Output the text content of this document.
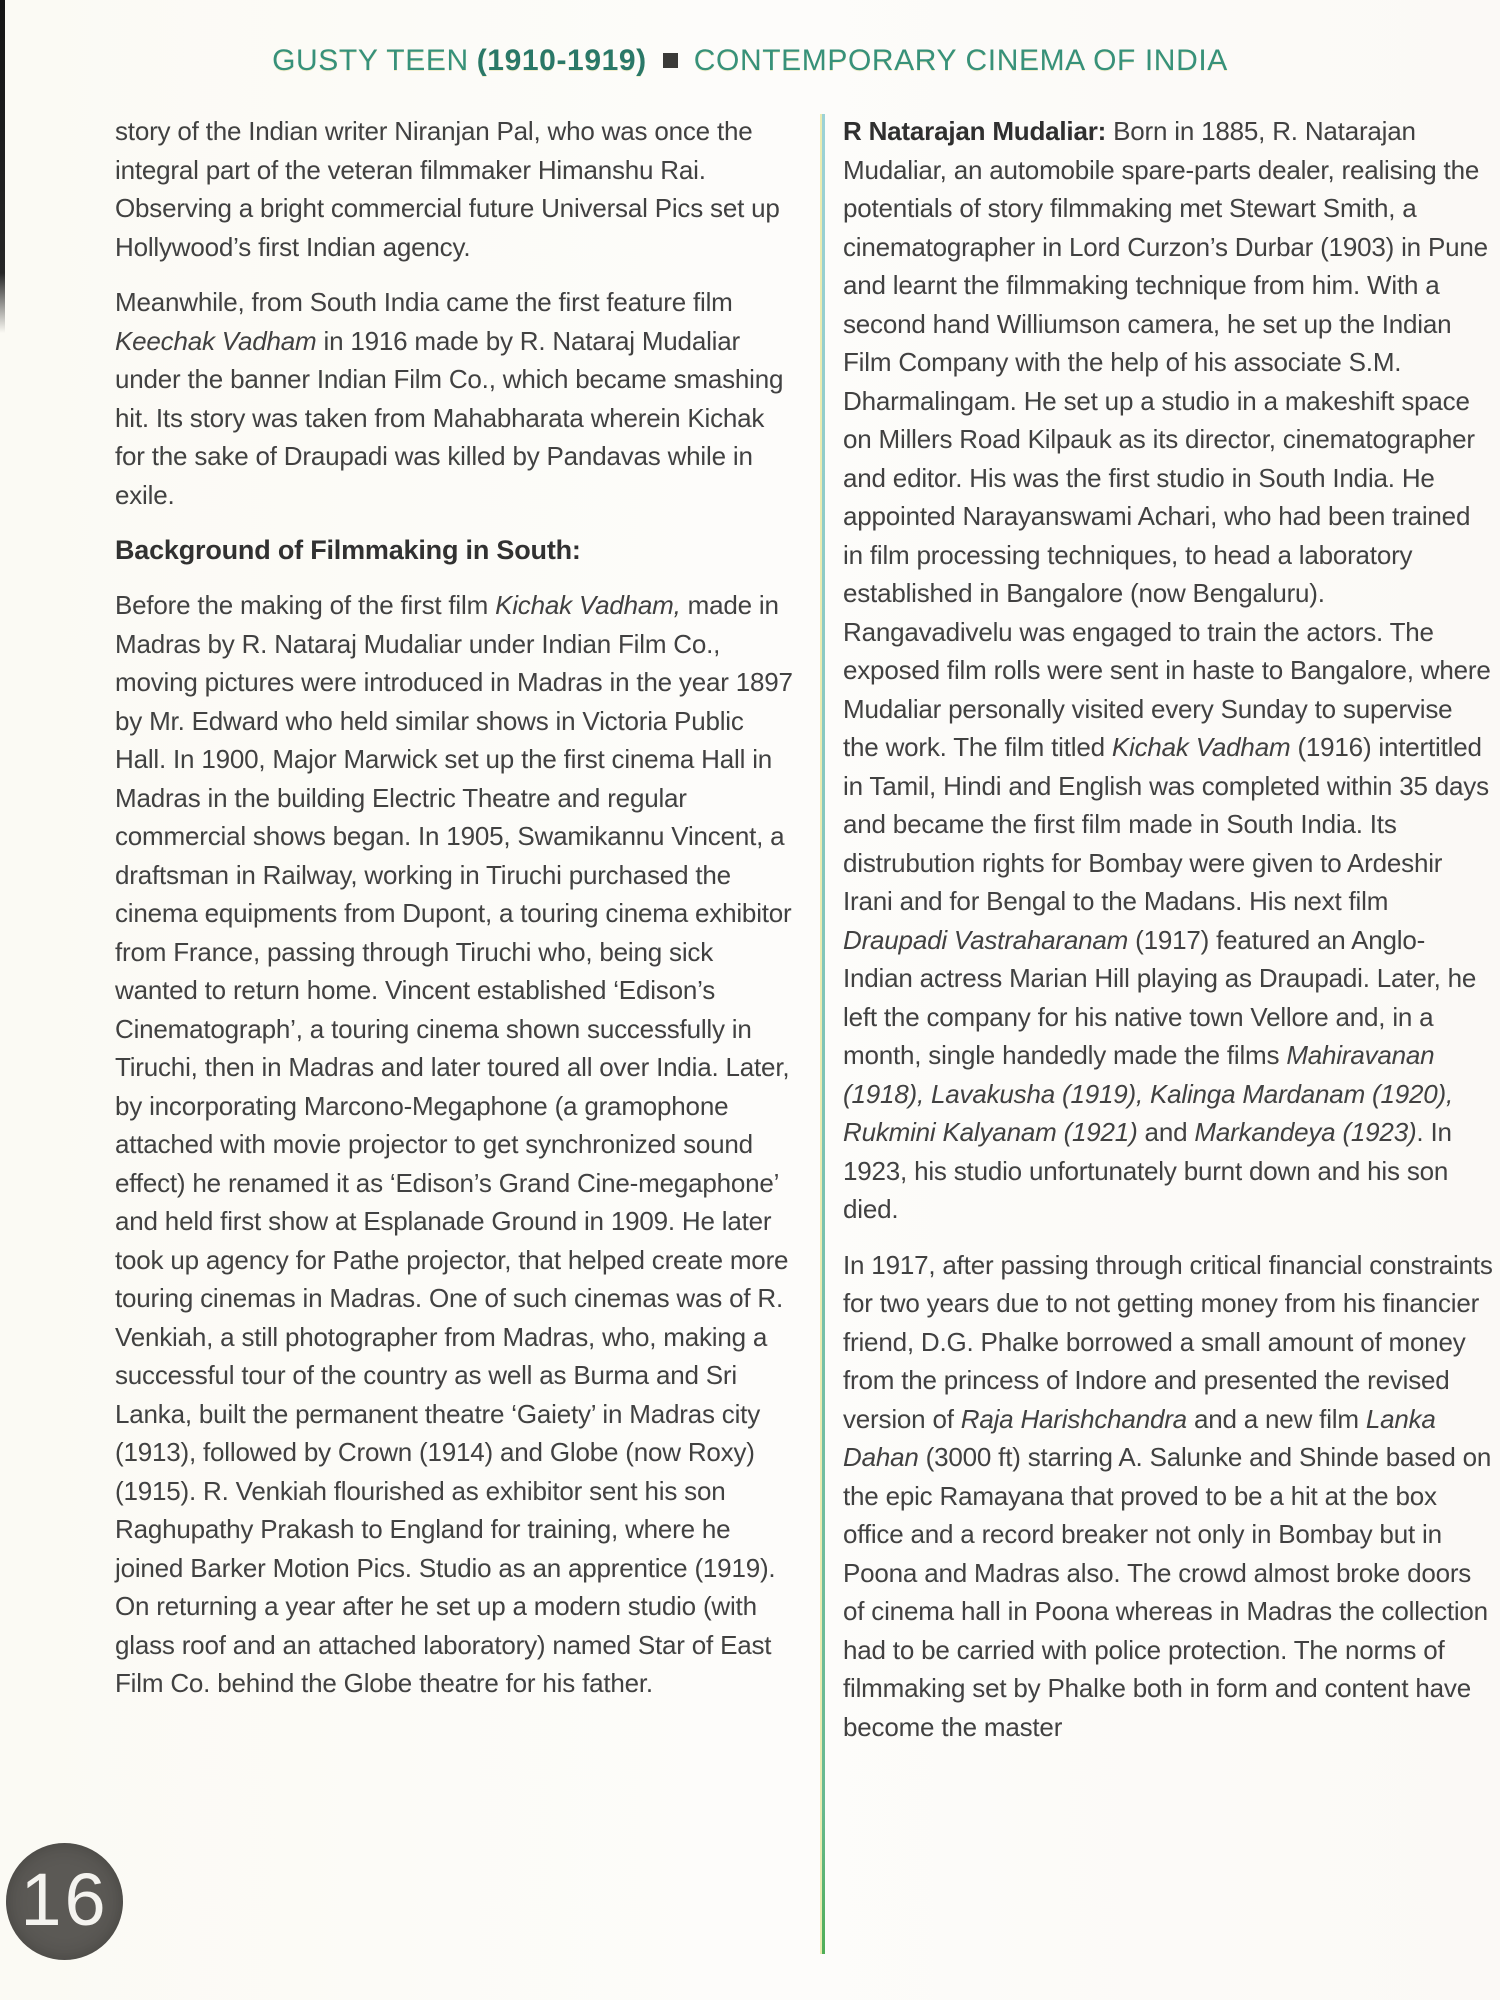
GUSTY TEEN (1910-1919) CONTEMPORARY CINEMA OF INDIA

story of the Indian writer Niranjan Pal, who was once the integral part of the veteran filmmaker Himanshu Rai. Observing a bright commercial future Universal Pics set up Hollywood’s first Indian agency.

Meanwhile, from South India came the first feature film Keechak Vadham in 1916 made by R. Nataraj Mudaliar under the banner Indian Film Co., which became smashing hit. Its story was taken from Mahabharata wherein Kichak for the sake of Draupadi was killed by Pandavas while in exile.

Background of Filmmaking in South:

Before the making of the first film Kichak Vadham, made in Madras by R. Nataraj Mudaliar under Indian Film Co., moving pictures were introduced in Madras in the year 1897 by Mr. Edward who held similar shows in Victoria Public Hall. In 1900, Major Marwick set up the first cinema Hall in Madras in the building Electric Theatre and regular commercial shows began. In 1905, Swamikannu Vincent, a draftsman in Railway, working in Tiruchi purchased the cinema equipments from Dupont, a touring cinema exhibitor from France, passing through Tiruchi who, being sick wanted to return home. Vincent established ‘Edison’s Cinematograph’, a touring cinema shown successfully in Tiruchi, then in Madras and later toured all over India. Later, by incorporating Marcono-Megaphone (a gramophone attached with movie projector to get synchronized sound effect) he renamed it as ‘Edison’s Grand Cine-megaphone’ and held first show at Esplanade Ground in 1909. He later took up agency for Pathe projector, that helped create more touring cinemas in Madras. One of such cinemas was of R. Venkiah, a still photographer from Madras, who, making a successful tour of the country as well as Burma and Sri Lanka, built the permanent theatre ‘Gaiety’ in Madras city (1913), followed by Crown (1914) and Globe (now Roxy) (1915). R. Venkiah flourished as exhibitor sent his son Raghupathy Prakash to England for training, where he joined Barker Motion Pics. Studio as an apprentice (1919). On returning a year after he set up a modern studio (with glass roof and an attached laboratory) named Star of East Film Co. behind the Globe theatre for his father.

R Natarajan Mudaliar: Born in 1885, R. Natarajan Mudaliar, an automobile spare-parts dealer, realising the potentials of story filmmaking met Stewart Smith, a cinematographer in Lord Curzon’s Durbar (1903) in Pune and learnt the filmmaking technique from him. With a second hand Williumson camera, he set up the Indian Film Company with the help of his associate S.M. Dharmalingam. He set up a studio in a makeshift space on Millers Road Kilpauk as its director, cinematographer and editor. His was the first studio in South India. He appointed Narayanswami Achari, who had been trained in film processing techniques, to head a laboratory established in Bangalore (now Bengaluru). Rangavadivelu was engaged to train the actors. The exposed film rolls were sent in haste to Bangalore, where Mudaliar personally visited every Sunday to supervise the work. The film titled Kichak Vadham (1916) intertitled in Tamil, Hindi and English was completed within 35 days and became the first film made in South India. Its distrubution rights for Bombay were given to Ardeshir Irani and for Bengal to the Madans. His next film Draupadi Vastraharanam (1917) featured an Anglo-Indian actress Marian Hill playing as Draupadi. Later, he left the company for his native town Vellore and, in a month, single handedly made the films Mahiravanan (1918), Lavakusha (1919), Kalinga Mardanam (1920), Rukmini Kalyanam (1921) and Markandeya (1923). In 1923, his studio unfortunately burnt down and his son died.

In 1917, after passing through critical financial constraints for two years due to not getting money from his financier friend, D.G. Phalke borrowed a small amount of money from the princess of Indore and presented the revised version of Raja Harishchandra and a new film Lanka Dahan (3000 ft) starring A. Salunke and Shinde based on the epic Ramayana that proved to be a hit at the box office and a record breaker not only in Bombay but in Poona and Madras also. The crowd almost broke doors of cinema hall in Poona whereas in Madras the collection had to be carried with police protection. The norms of filmmaking set by Phalke both in form and content have become the master

16
